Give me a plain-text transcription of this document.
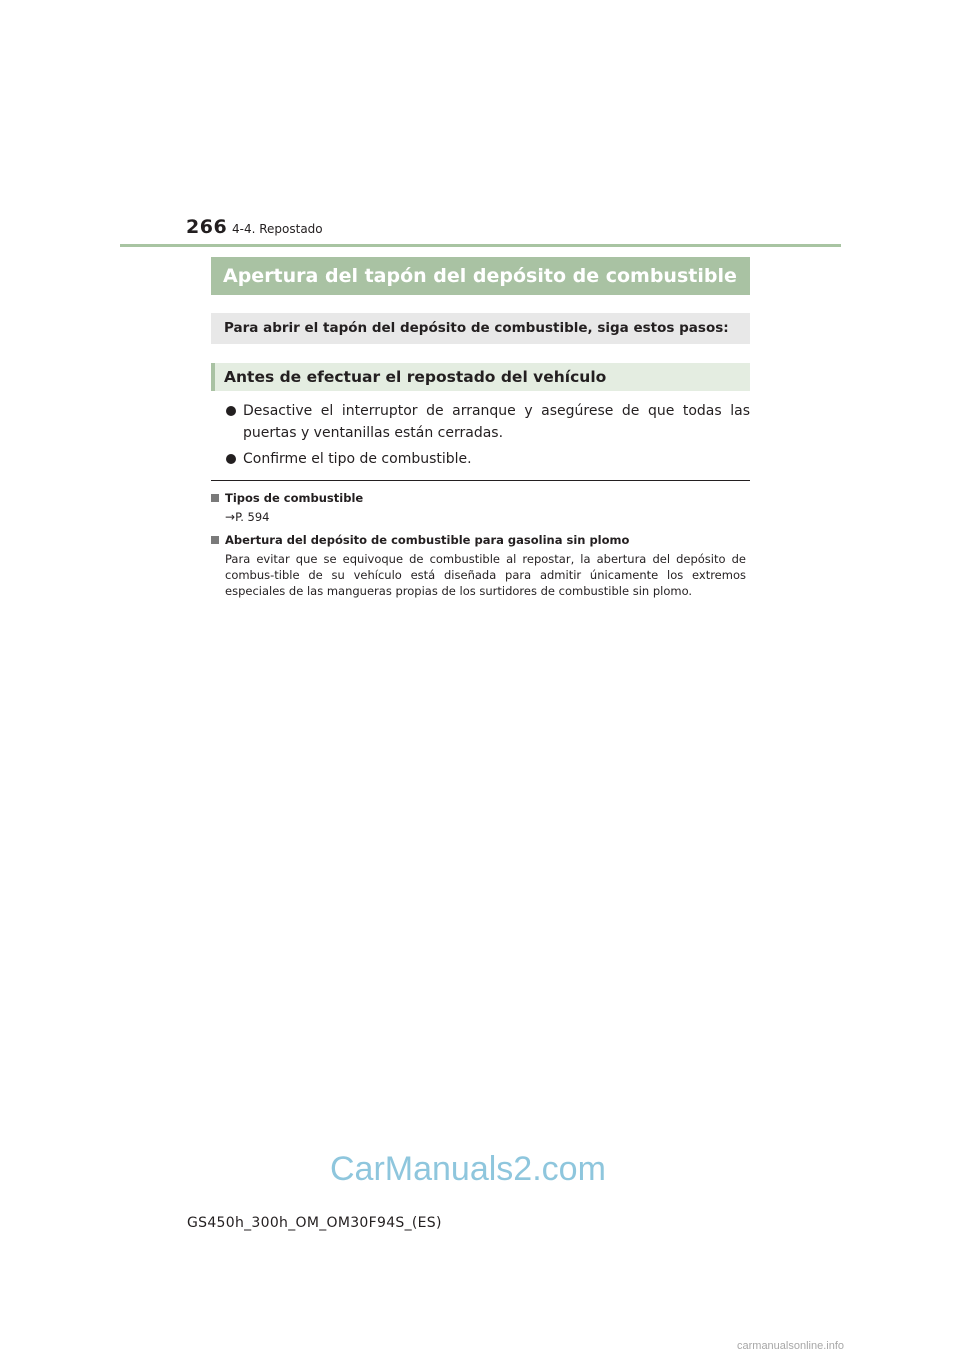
266 4-4. Repostado
Apertura del tapón del depósito de combustible
Para abrir el tapón del depósito de combustible, siga estos pasos:
Antes de efectuar el repostado del vehículo
Desactive el interruptor de arranque y asegúrese de que todas las puertas y ventanillas están cerradas.
Confirme el tipo de combustible.
Tipos de combustible
→P. 594
Abertura del depósito de combustible para gasolina sin plomo
Para evitar que se equivoque de combustible al repostar, la abertura del depósito de combus-tible de su vehículo está diseñada para admitir únicamente los extremos especiales de las mangueras propias de los surtidores de combustible sin plomo.
CarManuals2.com
GS450h_300h_OM_OM30F94S_(ES)
carmanualsonline.info
